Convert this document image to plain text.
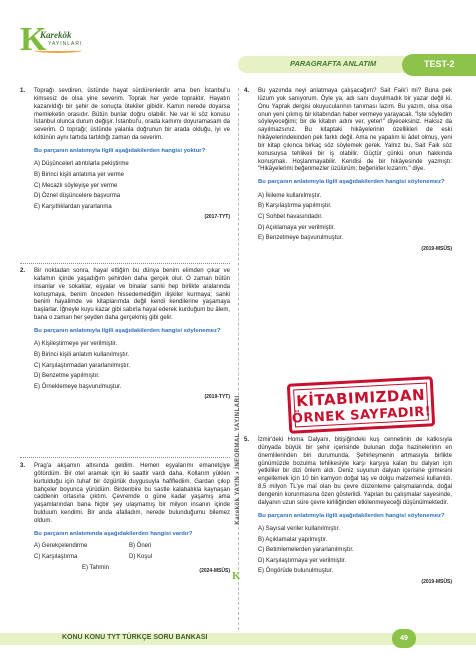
K
Karekök
YAYINLARI
PARAGRAFTA ANLATIM	TEST-2
1. Toprağı sevdiren, üstünde hayat sürdürenlerdir ama ben İstanbul'u kimsesiz de olsa yine severim. Toprak her yerde topraktır. Hayatın kazanıldığı bir şehir de sonuçta ötekiler gibidir. Kamın nerede doyarsa memleketin orasıdır. Bütün bunlar doğru olabilir. Ne var ki söz konusu İstanbul olunca durum değişir. İstanbul'u, orada kamımı doyuramasam da severim. O toprağı; üstünde yalanla doğrunun bir arada olduğu, iyi ve kötünün aynı tartıda tartıldığı zaman da severim.
Bu parçanın anlatımıyla ilgili aşağıdakilerden hangisi yoktur?
A) Düşünceleri atıntılarla pekiştirme
B) Birinci kişili anlatıma yer verme
C) Mecazlı söyleyişe yer verme
D) Öznel düşüncelere başvurma
E) Karşıtlıklardan yararlanma
(2017-TYT)
2. Bir noktadan sonra, hayal ettiğim bu dünya benim elimden çıkar ve kafamın içinde yaşadığım şehirden daha gerçek olur. O zaman bütün insanlar ve sokaklar, eşyalar ve binalar sanki hep birlikte aralarında konuşmaya, benim önceden hissedemediğim ilişkiler kurmaya; sanki benim hayalimde ve kitaplarımda değil kendi kendilerine yaşamaya başlarlar. İğneyle kuyu kazar gibi sabırla hayal ederek kurduğum bu âlem, bana o zaman her şeyden daha gerçekmiş gibi gelir.
Bu parçanın anlatımıyla ilgili aşağıdakilerden hangisi söylenemez?
A) Kişileştirmeye yer verilmiştir.
B) Birinci kişili anlatım kullanılmıştır.
C) Karşılaştırmadan yararlanılmıştır.
D) Benzetme yapılmıştır.
E) Örneklemeye başvurulmuştur.
(2019-TYT)
3. Prag'a akşamın altısında geldim. Hemen eşyalarımı emanetçiye götürdüm. Bir otel aramak için iki saattir vardı daha. Kollarım yüklen kurtulduğu için tuhaf bir özgürlük duygusuyla hafiflediim. Gardan çıkıp bahçeler boyunca yürüdüm. Birdenbire bu sastle kalabalıkla kaynaşan caddenin ortasına çıktım. Çevremde o güne kadar yaşamış ama yaşamlarından bana hiçbir şey ulaşmamış bir milyon insanın içinde bulduum kendimi. Bir anda afalladım, nerede bulunduğumu bilemez oldum.
Bu parçanın anlatımında aşağıdakilerden hangisi vardır?
A) Gerekçelendirme	B) Öneri
C) Karşılaştırma	D) Koşul
E) Tahmin	(2024-MSÜS)
Karekök YAYIN • İNFORMAL YAYINLARI
K
4. Bu yazımda neyi anlatmaya çalışacağım? Sait Faik'i mi? Buna pek lüzum yok sanıyorum. Öyle ya, adı sanı duyulmadık bir yazar değil ki. Onu Yaprak dergisi okuyucularının tanıması lazım. Bu yazım, olsa olsa onun yeni çıkmış bir kitabından haber vermeye yarayacak. "İşte söyledim söyleyeceğimi; bir de kitabın adını ver, yeter!" diyeceksiniz. Haksız da sayılmazsınız. Bu kitaptaki hikâyelerinin özellikleri de eski hikâyelerindekinden pek farklı değil. Ama ne yapalım ki âdet olmuş, yeni bir kitap çıkınca birkaç söz söylemek gerek. Yalnız bu, Sait Faik söz konusuysa tehlikeli bir iş olabilir. Güçtür çünkü onun hakkında konuşmak. Hoşlanmayabilir. Kendisi de bir hikâyesinde yazmıştı: "Hikâyelerimi beğenmezler üzülürüm; beğenirler kızarım." diye.
Bu parçanın anlatımıyla ilgili aşağıdakilerden hangisi söylenemez?
A) İkileme kullanılmıştır.
B) Karşılaştırma yapılmıştır.
C) Sohbet havasındadır.
D) Açıklamaya yer verilmiştir.
E) Benzetmeye başvurulmuştur.
(2019-MSÜS)
5. İzmir'deki Homa Dalyanı, bitişiğindeki kuş cennetinin de katkısıyla dünyada büyük bir şehir içerisinde bulunan doğa hazinelerinin en önemlilerinden biri durumunda. Şehirleşmenin artmasıyla birlikte günümüzde bozulma tehlikesiyle karşı karşıya kalan bu dalyan için yetkililer bir dizi önlem aldı. Deniz suyunun dalyan içerisine girmesini engellemek için 10 bin kamyon doğal taş ve dolgu malzemesi kullanıldı. 8,5 milyon TL'ye mal olan bu çevre düzenleme çalışmalarında, doğal dengenin korunmasına özen gösterildi. Yapılan bu çalışmalar sayesinde, dalyanın uzun süre çevre kirliliğinden etkilenmeyeceği düşünülmektedir.
Bu parçanın anlatımıyla ilgili aşağıdakilerden hangisi söylenemez?
A) Sayısal veriler kullanılmıştır.
B) Açıklamalar yapılmıştır.
C) Betimlemelerden yararlanılmıştır.
D) Karşılaştırmaya yer verilmiştir.
E) Öngörüde bulunulmuştur.
(2019-MSÜS)
KİTABIMIZDAN
ÖRNEK SAYFADIR!
KONU KONU TYT TÜRKÇE SORU BANKASI	49
